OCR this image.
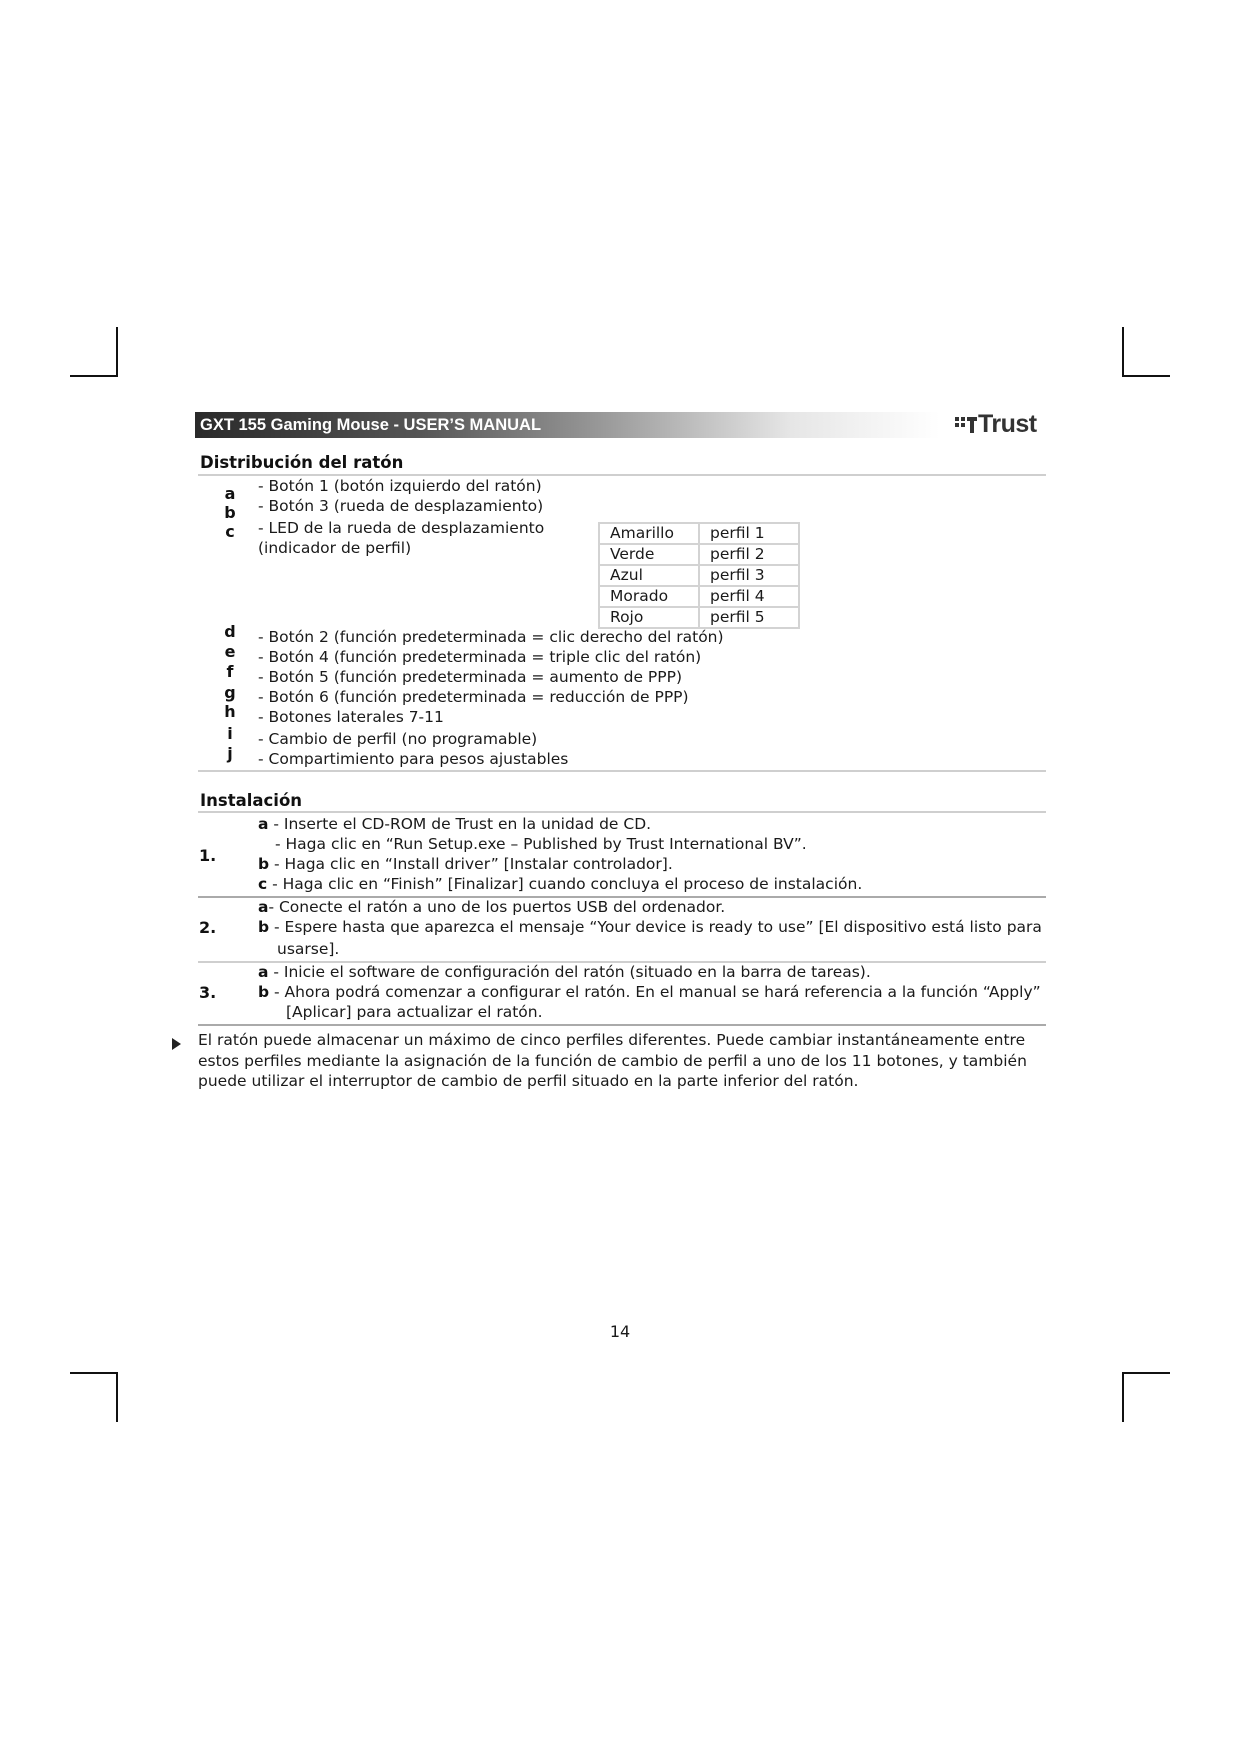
GXT 155 Gaming Mouse - USER’S MANUAL	Trust
Distribución del ratón
a - Botón 1 (botón izquierdo del ratón)
b - Botón 3 (rueda de desplazamiento)
c	- LED de la rueda de desplazamiento
(indicador de perfil)
Amarillo	perfil 1
Verde	perfil 2
Azul	perfil 3
Morado	perfil 4
Rojo	perfil 5
d - Botón 2 (función predeterminada = clic derecho del ratón)
e - Botón 4 (función predeterminada = triple clic del ratón)
f	- Botón 5 (función predeterminada = aumento de PPP)
g - Botón 6 (función predeterminada = reducción de PPP)
h - Botones laterales 7-11
i	- Cambio de perfil (no programable)
j	- Compartimiento para pesos ajustables
Instalación
1.
a - Inserte el CD-ROM de Trust en la unidad de CD.
- Haga clic en “Run Setup.exe – Published by Trust International BV”.
b - Haga clic en “Install driver” [Instalar controlador].
c - Haga clic en “Finish” [Finalizar] cuando concluya el proceso de instalación.
2.
a- Conecte el ratón a uno de los puertos USB del ordenador.
b - Espere hasta que aparezca el mensaje “Your device is ready to use” [El dispositivo está listo para
usarse].
3.
a - Inicie el software de configuración del ratón (situado en la barra de tareas).
b - Ahora podrá comenzar a configurar el ratón. En el manual se hará referencia a la función “Apply”
[Aplicar] para actualizar el ratón.
El ratón puede almacenar un máximo de cinco perfiles diferentes. Puede cambiar instantáneamente entre estos perfiles mediante la asignación de la función de cambio de perfil a uno de los 11 botones, y también puede utilizar el interruptor de cambio de perfil situado en la parte inferior del ratón.
14
